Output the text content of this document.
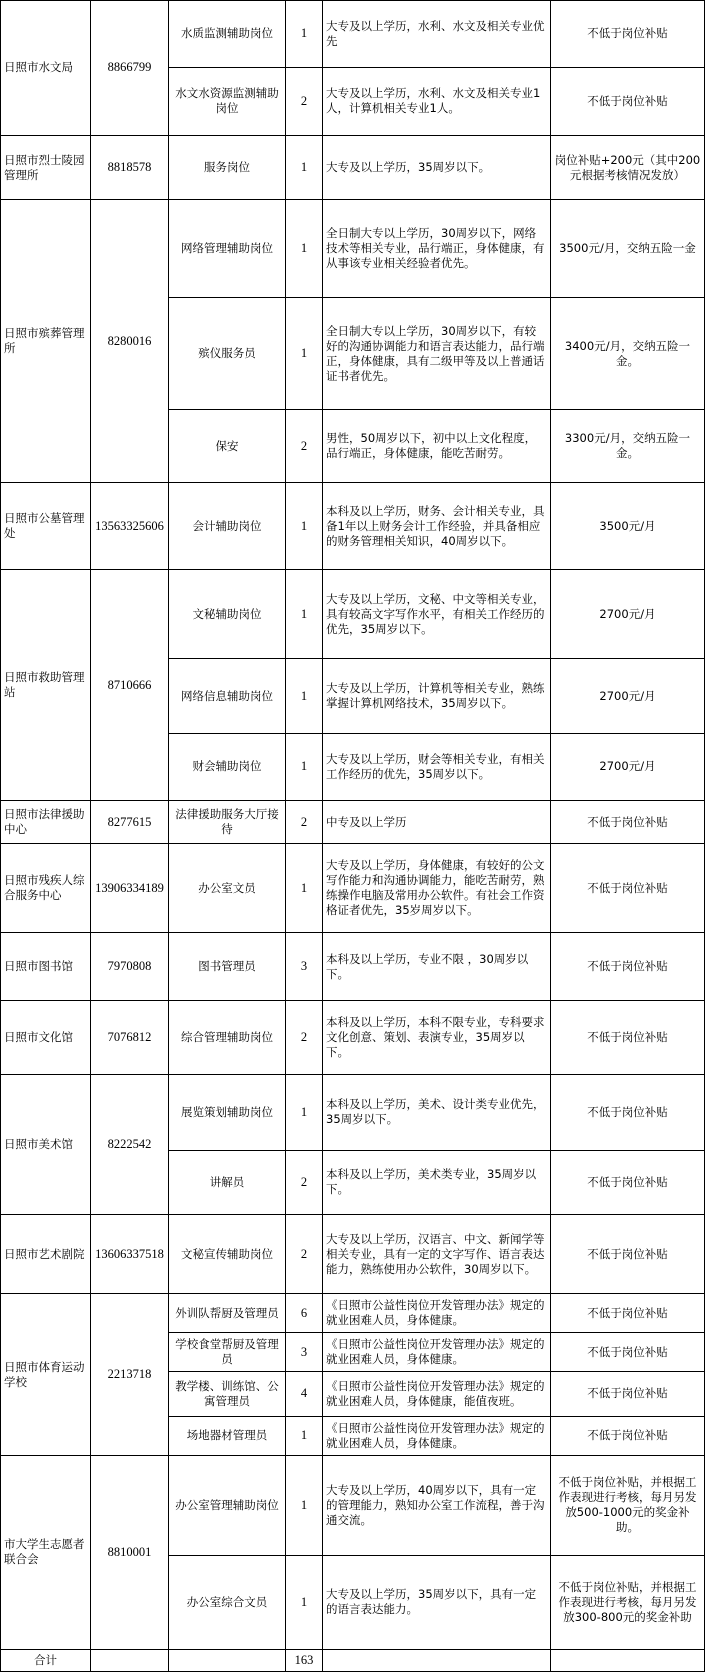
日照市水文局	8866799	水质监测辅助岗位	1	大专及以上学历，水利、水文及相关专业优先	不低于岗位补贴
		水文水资源监测辅助岗位	2	大专及以上学历，水利、水文及相关专业1人，计算机相关专业1人。	不低于岗位补贴
日照市烈士陵园管理所	8818578	服务岗位	1	大专及以上学历，35周岁以下。	岗位补贴+200元（其中200元根据考核情况发放）
日照市殡葬管理所	8280016	网络管理辅助岗位	1	全日制大专以上学历，30周岁以下，网络技术等相关专业，品行端正，身体健康，有从事该专业相关经验者优先。	3500元/月，交纳五险一金
		殡仪服务员	1	全日制大专以上学历，30周岁以下，有较好的沟通协调能力和语言表达能力，品行端正，身体健康，具有二级甲等及以上普通话证书者优先。	3400元/月，交纳五险一金。
		保安	2	男性，50周岁以下，初中以上文化程度，品行端正，身体健康，能吃苦耐劳。	3300元/月，交纳五险一金。
日照市公墓管理处	13563325606	会计辅助岗位	1	本科及以上学历，财务、会计相关专业，具备1年以上财务会计工作经验，并具备相应的财务管理相关知识，40周岁以下。	3500元/月
日照市救助管理站	8710666	文秘辅助岗位	1	大专及以上学历，文秘、中文等相关专业，具有较高文字写作水平，有相关工作经历的优先，35周岁以下。	2700元/月
		网络信息辅助岗位	1	大专及以上学历，计算机等相关专业，熟练掌握计算机网络技术，35周岁以下。	2700元/月
		财会辅助岗位	1	大专及以上学历，财会等相关专业，有相关工作经历的优先，35周岁以下。	2700元/月
日照市法律援助中心	8277615	法律援助服务大厅接待	2	中专及以上学历	不低于岗位补贴
日照市残疾人综合服务中心	13906334189	办公室文员	1	大专及以上学历，身体健康，有较好的公文写作能力和沟通协调能力，能吃苦耐劳，熟练操作电脑及常用办公软件。有社会工作资格证者优先，35岁周岁以下。	不低于岗位补贴
日照市图书馆	7970808	图书管理员	3	本科及以上学历，专业不限 ，30周岁以下。	不低于岗位补贴
日照市文化馆	7076812	综合管理辅助岗位	2	本科及以上学历，本科不限专业，专科要求文化创意、策划、表演专业，35周岁以下。	不低于岗位补贴
日照市美术馆	8222542	展览策划辅助岗位	1	本科及以上学历，美术、设计类专业优先，35周岁以下。	不低于岗位补贴
		讲解员	2	本科及以上学历，美术类专业，35周岁以下。	不低于岗位补贴
日照市艺术剧院	13606337518	文秘宣传辅助岗位	2	大专及以上学历，汉语言、中文、新闻学等相关专业，具有一定的文字写作、语言表达能力，熟练使用办公软件，30周岁以下。	不低于岗位补贴
日照市体育运动学校	2213718	外训队帮厨及管理员	6	《日照市公益性岗位开发管理办法》规定的就业困难人员，身体健康。	不低于岗位补贴
		学校食堂帮厨及管理员	3	《日照市公益性岗位开发管理办法》规定的就业困难人员，身体健康。	不低于岗位补贴
		教学楼、训练馆、公寓管理员	4	《日照市公益性岗位开发管理办法》规定的就业困难人员，身体健康，能值夜班。	不低于岗位补贴
		场地器材管理员	1	《日照市公益性岗位开发管理办法》规定的就业困难人员，身体健康。	不低于岗位补贴
市大学生志愿者联合会	8810001	办公室管理辅助岗位	1	大专及以上学历，40周岁以下，具有一定的管理能力，熟知办公室工作流程，善于沟通交流。	不低于岗位补贴，并根据工作表现进行考核，每月另发放500-1000元的奖金补助。
		办公室综合文员	1	大专及以上学历，35周岁以下，具有一定的语言表达能力。	不低于岗位补贴，并根据工作表现进行考核，每月另发放300-800元的奖金补助
合计			163		
